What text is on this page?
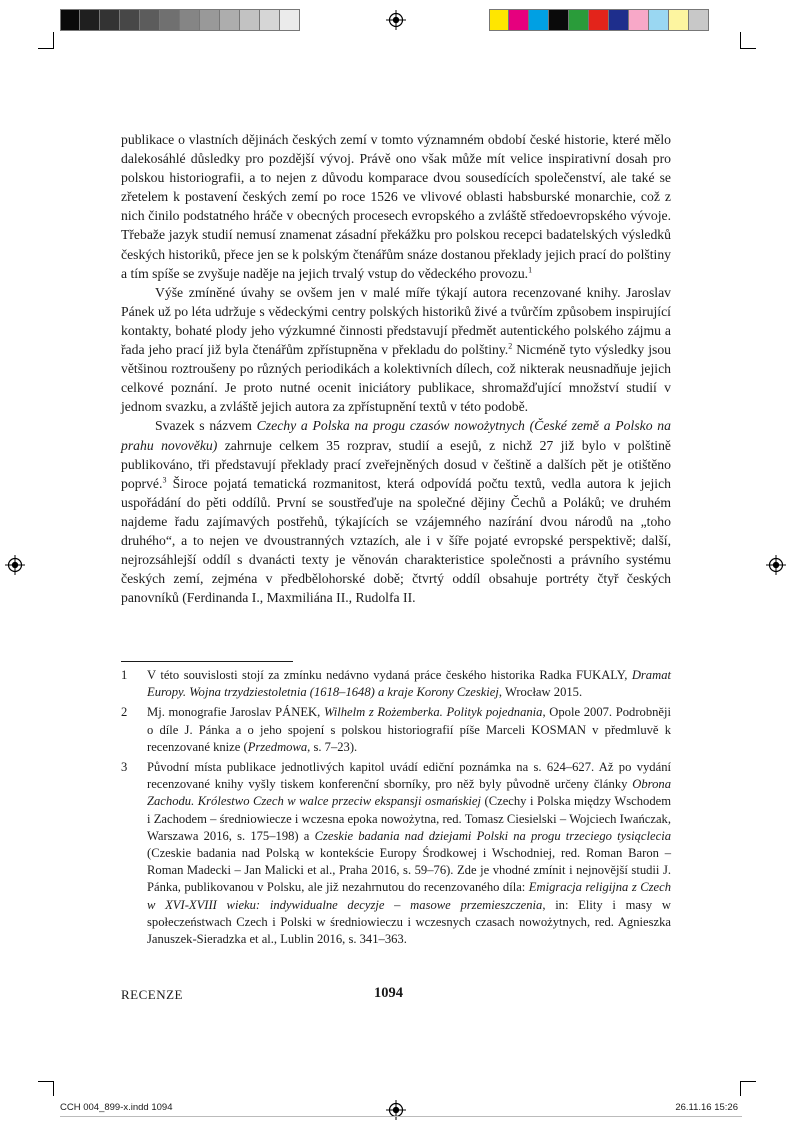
publikace o vlastních dějinách českých zemí v tomto významném období české historie, které mělo dalekosáhlé důsledky pro pozdější vývoj. Právě ono však může mít velice inspirativní dosah pro polskou historiografii, a to nejen z důvodu komparace dvou sousedících společenství, ale také se zřetelem k postavení českých zemí po roce 1526 ve vlivové oblasti habsburské monarchie, což z nich činilo podstatného hráče v obecných procesech evropského a zvláště středoevropského vývoje. Třebaže jazyk studií nemusí znamenat zásadní překážku pro polskou recepci badatelských výsledků českých historiků, přece jen se k polským čtenářům snáze dostanou překlady jejich prací do polštiny a tím spíše se zvyšuje naděje na jejich trvalý vstup do vědeckého provozu.$^1$

Výše zmíněné úvahy se ovšem jen v malé míře týkají autora recenzované knihy. Jaroslav Pánek už po léta udržuje s vědeckými centry polských historiků živé a tvůrčím způsobem inspirující kontakty, bohaté plody jeho výzkumné činnosti představují předmět autentického polského zájmu a řada jeho prací již byla čtenářům zpřístupněna v překladu do polštiny.$^2$ Nicméně tyto výsledky jsou většinou roztroušeny po různých periodikách a kolektivních dílech, což nikterak neusnadňuje jejich celkové poznání. Je proto nutné ocenit iniciátory publikace, shromažďující množství studií v jednom svazku, a zvláště jejich autora za zpřístupnění textů v této podobě.

Svazek s názvem Czechy a Polska na progu czasów nowożytnych (České země a Polsko na prahu novověku) zahrnuje celkem 35 rozprav, studií a esejů, z nichž 27 již bylo v polštině publikováno, tři představují překlady prací zveřejněných dosud v češtině a dalších pět je otištěno poprvé.$^3$ Široce pojatá tematická rozmanitost, která odpovídá počtu textů, vedla autora k jejich uspořádání do pěti oddílů. První se soustřeďuje na společné dějiny Čechů a Poláků; ve druhém najdeme řadu zajímavých postřehů, týkajících se vzájemného nazírání dvou národů na „toho druhého“, a to nejen ve dvoustranných vztazích, ale i v šíře pojaté evropské perspektivě; další, nejrozsáhlejší oddíl s dvanácti texty je věnován charakteristice společnosti a právního systému českých zemí, zejména v předbělohorské době; čtvrtý oddíl obsahuje portréty čtyř českých panovníků (Ferdinanda I., Maxmiliána II., Rudolfa II.

1 V této souvislosti stojí za zmínku nedávno vydaná práce českého historika Radka FUKALY, Dramat Europy. Wojna trzydziestoletnia (1618–1648) a kraje Korony Czeskiej, Wrocław 2015.
2 Mj. monografie Jaroslav PÁNEK, Wilhelm z Rożemberka. Polityk pojednania, Opole 2007. Podrobněji o díle J. Pánka a o jeho spojení s polskou historiografií píše Marceli KOSMAN v předmluvě k recenzované knize (Przedmowa, s. 7–23).
3 Původní místa publikace jednotlivých kapitol uvádí ediční poznámka na s. 624–627. Až po vydání recenzované knihy vyšly tiskem konferenční sborníky, pro něž byly původně určeny články Obrona Zachodu. Królestwo Czech w walce przeciw ekspansji osmańskiej (Czechy i Polska między Wschodem i Zachodem – średniowiecze i wczesna epoka nowożytna, red. Tomasz Ciesielski – Wojciech Iwańczak, Warszawa 2016, s. 175–198) a Czeskie badania nad dziejami Polski na progu trzeciego tysiąclecia (Czeskie badania nad Polską w kontekście Europy Środkowej i Wschodniej, red. Roman Baron – Roman Madecki – Jan Malicki et al., Praha 2016, s. 59–76). Zde je vhodné zmínit i nejnovější studii J. Pánka, publikovanou v Polsku, ale již nezahrnutou do recenzovaného díla: Emigracja religijna z Czech w XVI-XVIII wieku: indywidualne decyzje – masowe przemieszczenia, in: Elity i masy w społeczeństwach Czech i Polski w średniowieczu i wczesnych czasach nowożytnych, red. Agnieszka Januszek-Sieradzka et al., Lublin 2016, s. 341–363.
RECENZE	1094
CCH 004_899-x.indd 1094	26.11.16 15:26
